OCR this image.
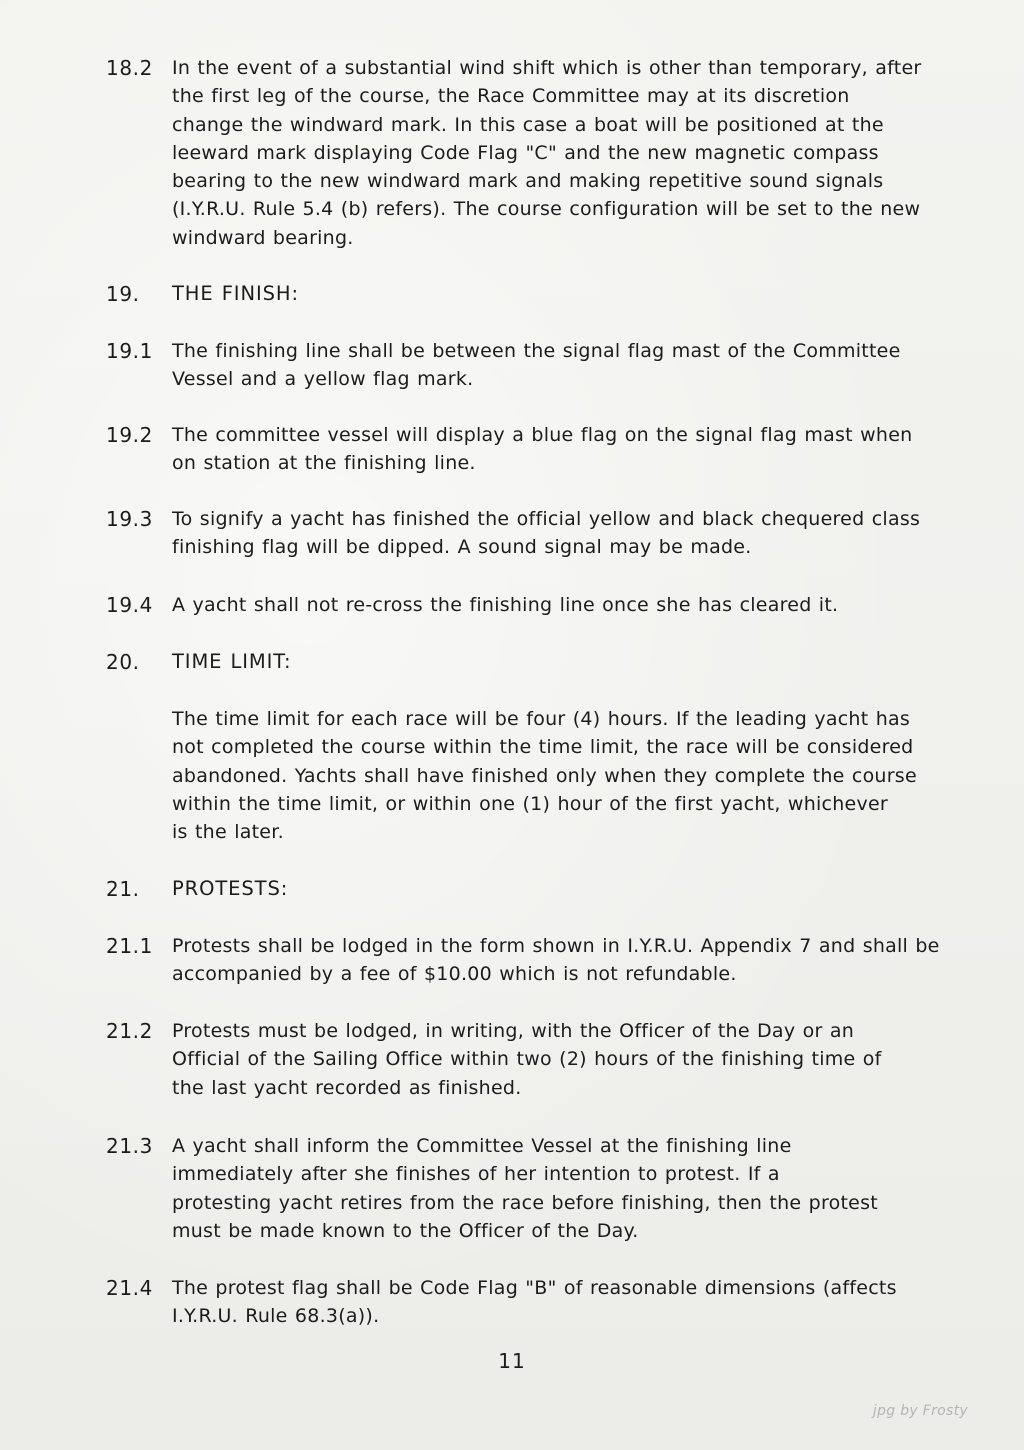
18.2 In the event of a substantial wind shift which is other than temporary, after
the first leg of the course, the Race Committee may at its discretion
change the windward mark. In this case a boat will be positioned at the
leeward mark displaying Code Flag "C" and the new magnetic compass
bearing to the new windward mark and making repetitive sound signals
(I.Y.R.U. Rule 5.4 (b) refers). The course configuration will be set to the new
windward bearing.
19. THE FINISH:
19.1 The finishing line shall be between the signal flag mast of the Committee
Vessel and a yellow flag mark.
19.2 The committee vessel will display a blue flag on the signal flag mast when
on station at the finishing line.
19.3 To signify a yacht has finished the official yellow and black chequered class
finishing flag will be dipped. A sound signal may be made.
19.4 A yacht shall not re-cross the finishing line once she has cleared it.
20. TIME LIMIT:
The time limit for each race will be four (4) hours. If the leading yacht has
not completed the course within the time limit, the race will be considered
abandoned. Yachts shall have finished only when they complete the course
within the time limit, or within one (1) hour of the first yacht, whichever
is the later.
21. PROTESTS:
21.1 Protests shall be lodged in the form shown in I.Y.R.U. Appendix 7 and shall be
accompanied by a fee of $10.00 which is not refundable.
21.2 Protests must be lodged, in writing, with the Officer of the Day or an
Official of the Sailing Office within two (2) hours of the finishing time of
the last yacht recorded as finished.
21.3 A yacht shall inform the Committee Vessel at the finishing line
immediately after she finishes of her intention to protest. If a
protesting yacht retires from the race before finishing, then the protest
must be made known to the Officer of the Day.
21.4 The protest flag shall be Code Flag "B" of reasonable dimensions (affects
I.Y.R.U. Rule 68.3(a)).
11
jpg by Frosty
